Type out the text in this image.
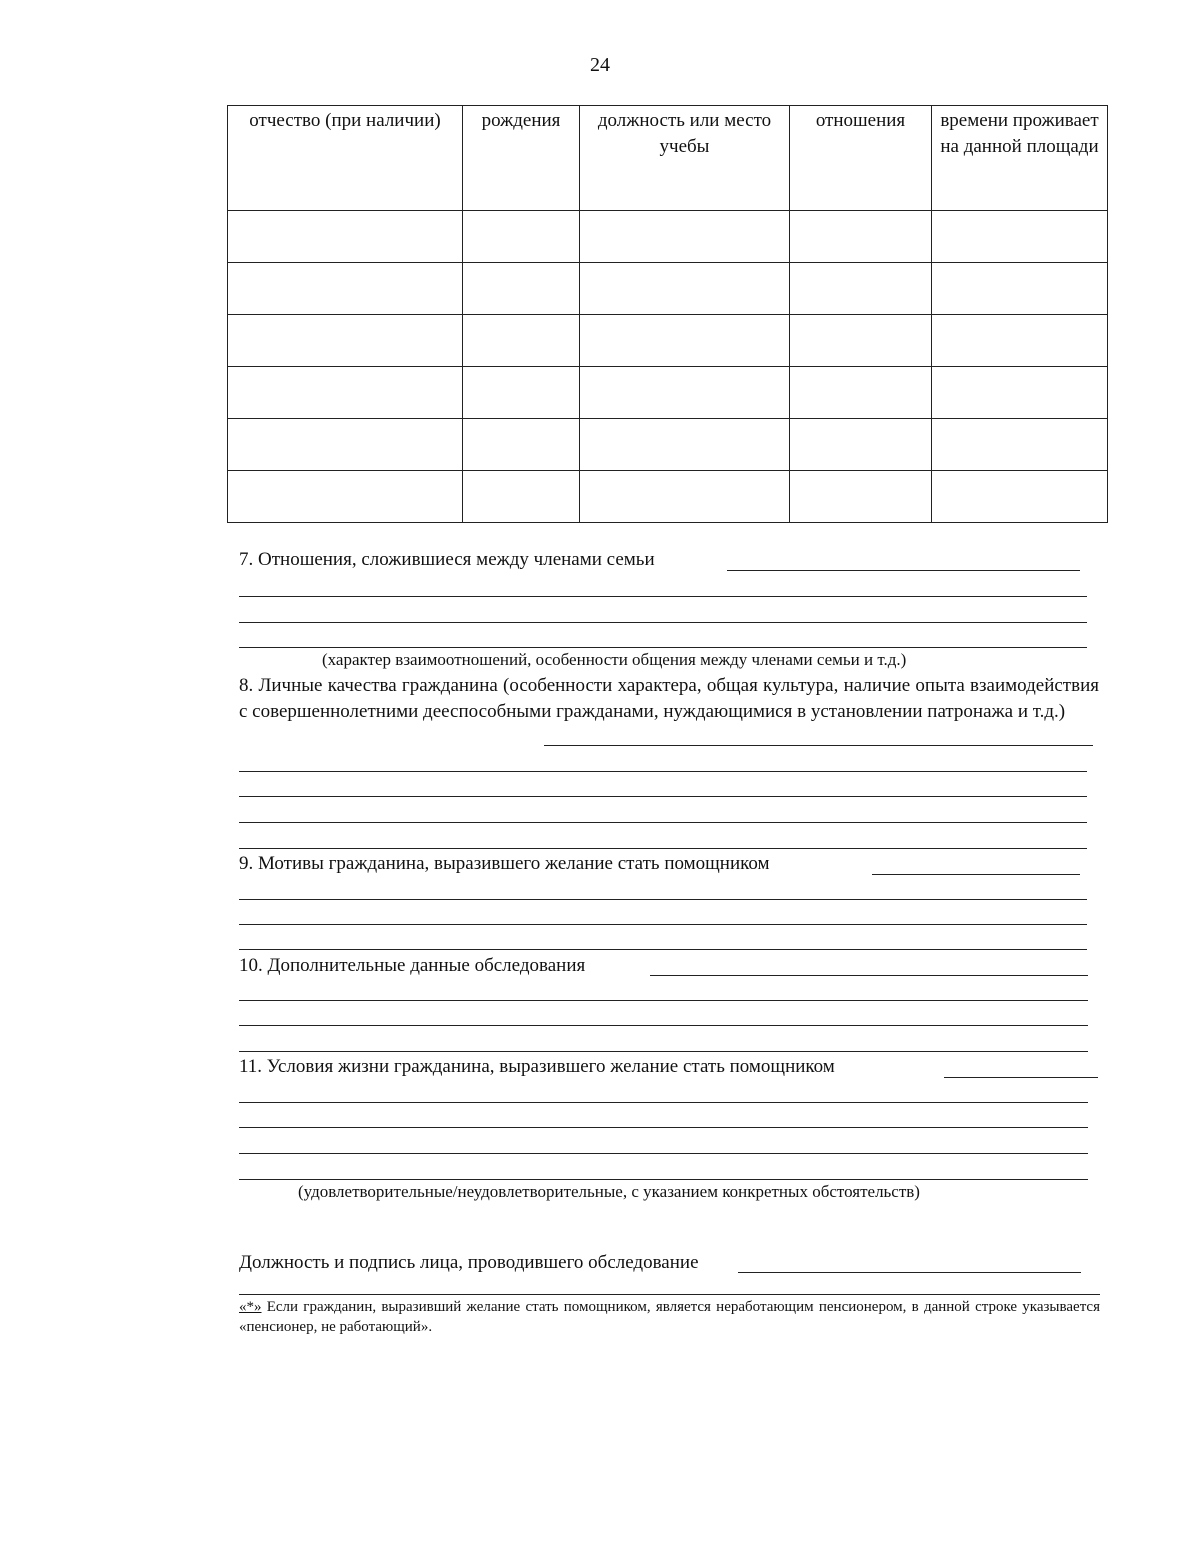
24
отчество (при наличии)	рождения	должность или место учебы	отношения	времени проживает на данной площади

7. Отношения, сложившиеся между членами семьи
(характер взаимоотношений, особенности общения между членами семьи и т.д.)
8. Личные качества гражданина (особенности характера, общая культура, наличие опыта взаимодействия с совершеннолетними дееспособными гражданами, нуждающимися в установлении патронажа и т.д.)
9. Мотивы гражданина, выразившего желание стать помощником
10. Дополнительные данные обследования
11. Условия жизни гражданина, выразившего желание стать помощником
(удовлетворительные/неудовлетворительные, с указанием конкретных обстоятельств)
Должность и подпись лица, проводившего обследование
«*» Если гражданин, выразивший желание стать помощником, является неработающим пенсионером, в данной строке указывается «пенсионер, не работающий».
